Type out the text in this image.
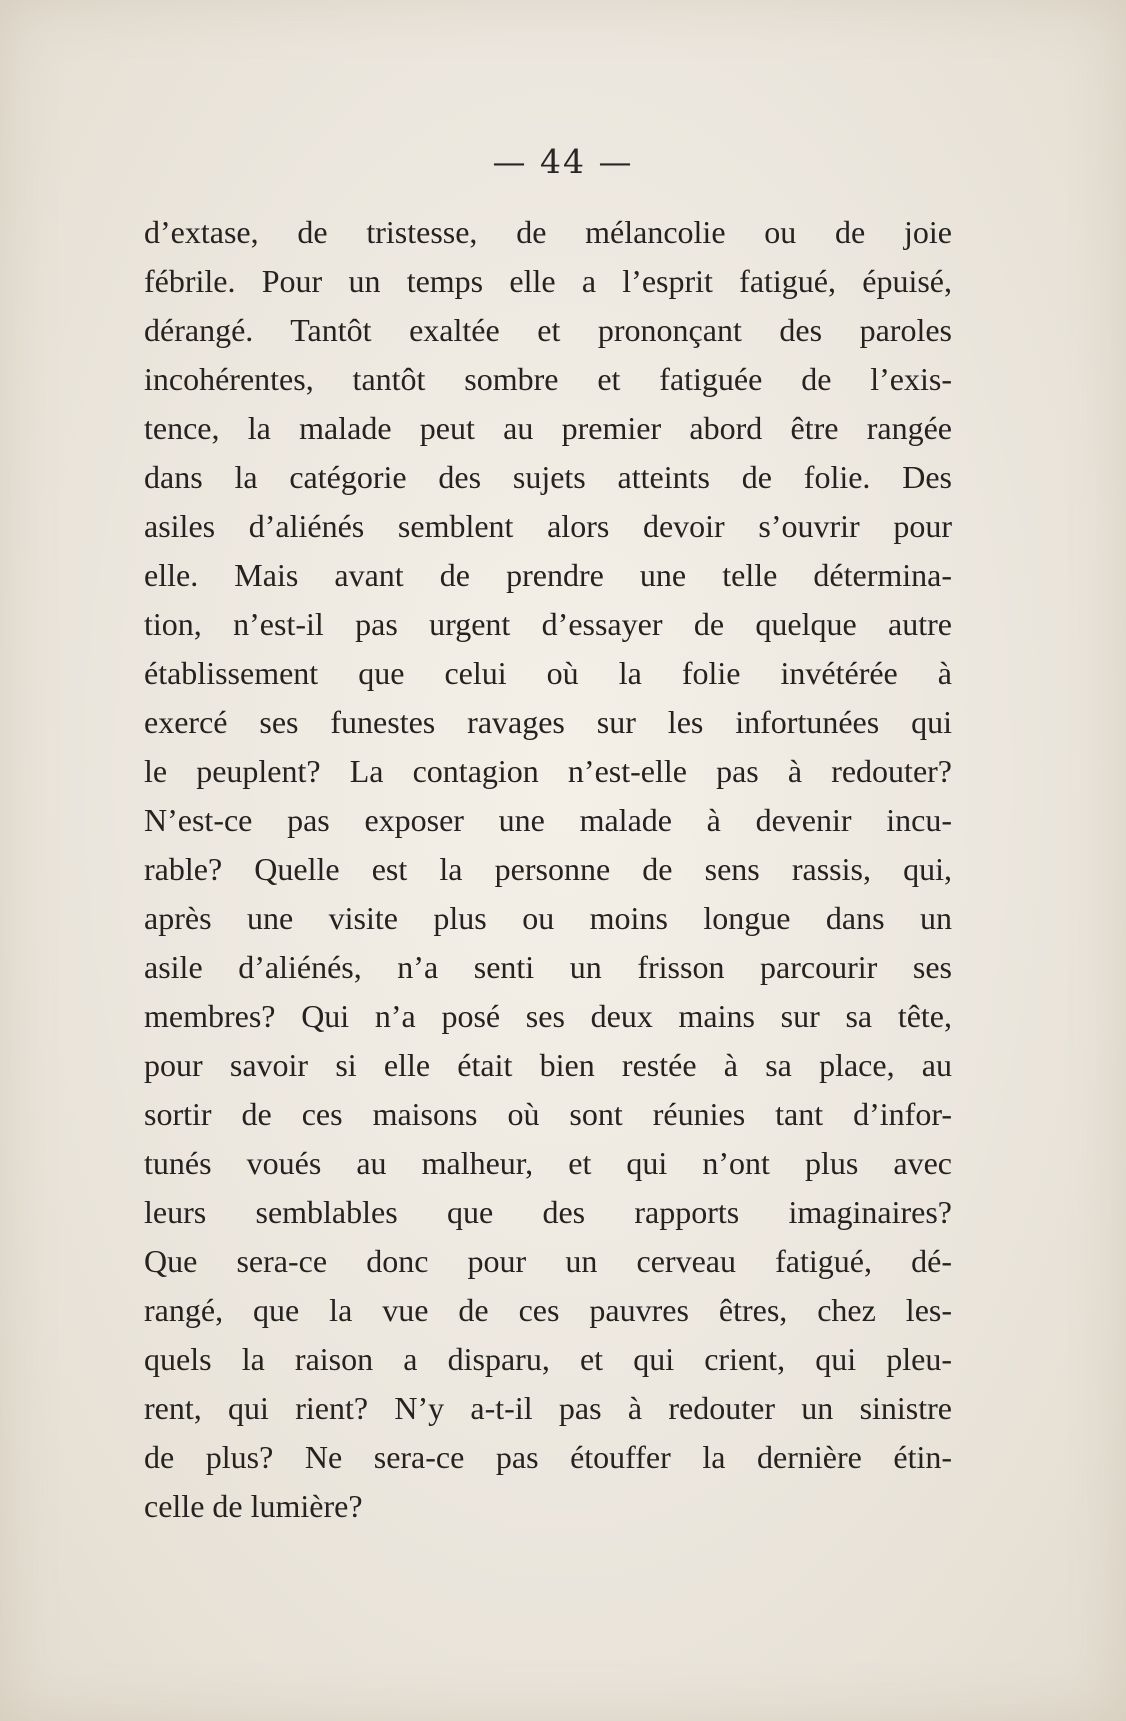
— 44 —
d’extase, de tristesse, de mélancolie ou de joie
fébrile. Pour un temps elle a l’esprit fatigué, épuisé,
dérangé. Tantôt exaltée et prononçant des paroles
incohérentes, tantôt sombre et fatiguée de l’exis-
tence, la malade peut au premier abord être rangée
dans la catégorie des sujets atteints de folie. Des
asiles d’aliénés semblent alors devoir s’ouvrir pour
elle. Mais avant de prendre une telle détermina-
tion, n’est-il pas urgent d’essayer de quelque autre
établissement que celui où la folie invétérée à
exercé ses funestes ravages sur les infortunées qui
le peuplent? La contagion n’est-elle pas à redouter?
N’est-ce pas exposer une malade à devenir incu-
rable? Quelle est la personne de sens rassis, qui,
après une visite plus ou moins longue dans un
asile d’aliénés, n’a senti un frisson parcourir ses
membres? Qui n’a posé ses deux mains sur sa tête,
pour savoir si elle était bien restée à sa place, au
sortir de ces maisons où sont réunies tant d’infor-
tunés voués au malheur, et qui n’ont plus avec
leurs semblables que des rapports imaginaires?
Que sera-ce donc pour un cerveau fatigué, dé-
rangé, que la vue de ces pauvres êtres, chez les-
quels la raison a disparu, et qui crient, qui pleu-
rent, qui rient? N’y a-t-il pas à redouter un sinistre
de plus? Ne sera-ce pas étouffer la dernière étin-
celle de lumière?
